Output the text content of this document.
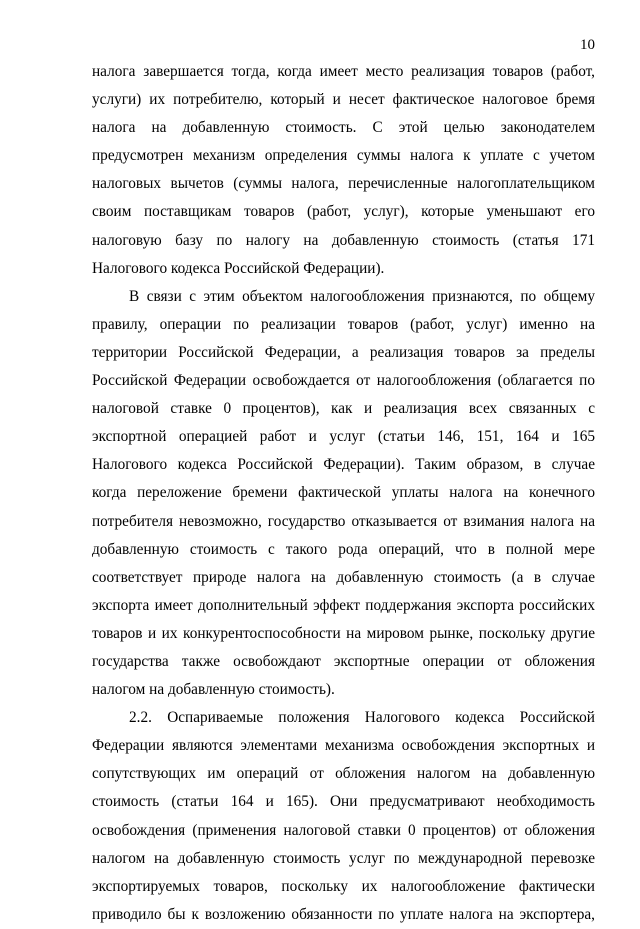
10
налога завершается тогда, когда имеет место реализация товаров (работ,
услуги) их потребителю, который и несет фактическое налоговое бремя
налога на добавленную стоимость. С этой целью законодателем
предусмотрен механизм определения суммы налога к уплате с учетом
налоговых вычетов (суммы налога, перечисленные налогоплательщиком
своим поставщикам товаров (работ, услуг), которые уменьшают его
налоговую базу по налогу на добавленную стоимость (статья 171
Налогового кодекса Российской Федерации).
В связи с этим объектом налогообложения признаются, по общему
правилу, операции по реализации товаров (работ, услуг) именно на
территории Российской Федерации, а реализация товаров за пределы
Российской Федерации освобождается от налогообложения (облагается по
налоговой ставке 0 процентов), как и реализация всех связанных с
экспортной операцией работ и услуг (статьи 146, 151, 164 и 165
Налогового кодекса Российской Федерации). Таким образом, в случае
когда переложение бремени фактической уплаты налога на конечного
потребителя невозможно, государство отказывается от взимания налога на
добавленную стоимость с такого рода операций, что в полной мере
соответствует природе налога на добавленную стоимость (а в случае
экспорта имеет дополнительный эффект поддержания экспорта российских
товаров и их конкурентоспособности на мировом рынке, поскольку другие
государства также освобождают экспортные операции от обложения
налогом на добавленную стоимость).
2.2. Оспариваемые положения Налогового кодекса Российской
Федерации являются элементами механизма освобождения экспортных и
сопутствующих им операций от обложения налогом на добавленную
стоимость (статьи 164 и 165). Они предусматривают необходимость
освобождения (применения налоговой ставки 0 процентов) от обложения
налогом на добавленную стоимость услуг по международной перевозке
экспортируемых товаров, поскольку их налогообложение фактически
приводило бы к возложению обязанности по уплате налога на экспортера,
